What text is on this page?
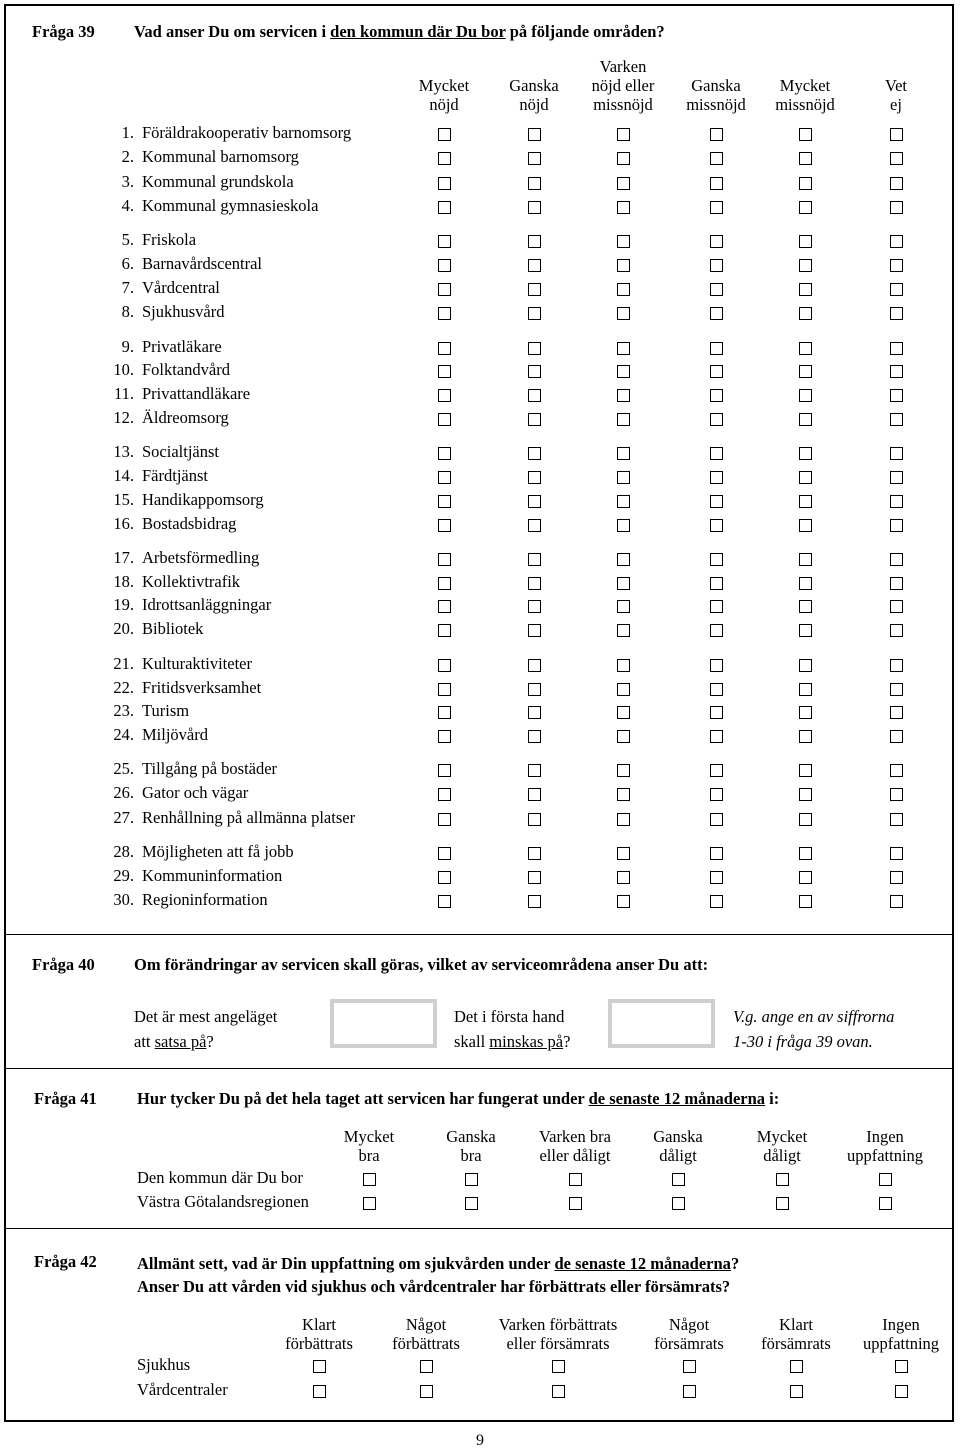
Fråga 39 Vad anser Du om servicen i den kommun där Du bor på följande områden?

Mycket
nöjd

Ganska
nöjd
Varken
nöjd eller
missnöjd

Ganska
missnöjd

Mycket
missnöjd

Vet
ej
1. Föräldrakooperativ barnomsorg
2. Kommunal barnomsorg
3. Kommunal grundskola
4. Kommunal gymnasieskola
5. Friskola
6. Barnavårdscentral
7. Vårdcentral
8. Sjukhusvård
9. Privatläkare
10. Folktandvård
11. Privattandläkare
12. Äldreomsorg
13. Socialtjänst
14. Färdtjänst
15. Handikappomsorg
16. Bostadsbidrag
17. Arbetsförmedling
18. Kollektivtrafik
19. Idrottsanläggningar
20. Bibliotek
21. Kulturaktiviteter
22. Fritidsverksamhet
23. Turism
24. Miljövård
25. Tillgång på bostäder
26. Gator och vägar
27. Renhållning på allmänna platser
28. Möjligheten att få jobb
29. Kommuninformation
30. Regioninformation
Fråga 40 Om förändringar av servicen skall göras, vilket av serviceområdena anser Du att:
Det är mest angeläget
att satsa på?
Det i första hand
skall minskas på?
V.g. ange en av siffrorna
1-30 i fråga 39 ovan.
Fråga 41 Hur tycker Du på det hela taget att servicen har fungerat under de senaste 12 månaderna i:
Mycket
bra
Ganska
bra
Varken bra
eller dåligt
Ganska
dåligt
Mycket
dåligt
Ingen
uppfattning
Den kommun där Du bor
Västra Götalandsregionen
Fråga 42 Allmänt sett, vad är Din uppfattning om sjukvården under de senaste 12 månaderna?
Anser Du att vården vid sjukhus och vårdcentraler har förbättrats eller försämrats?
Klart
förbättrats
Något
förbättrats
Varken förbättrats
eller försämrats
Något
försämrats
Klart
försämrats
Ingen
uppfattning
Sjukhus
Vårdcentraler
9
